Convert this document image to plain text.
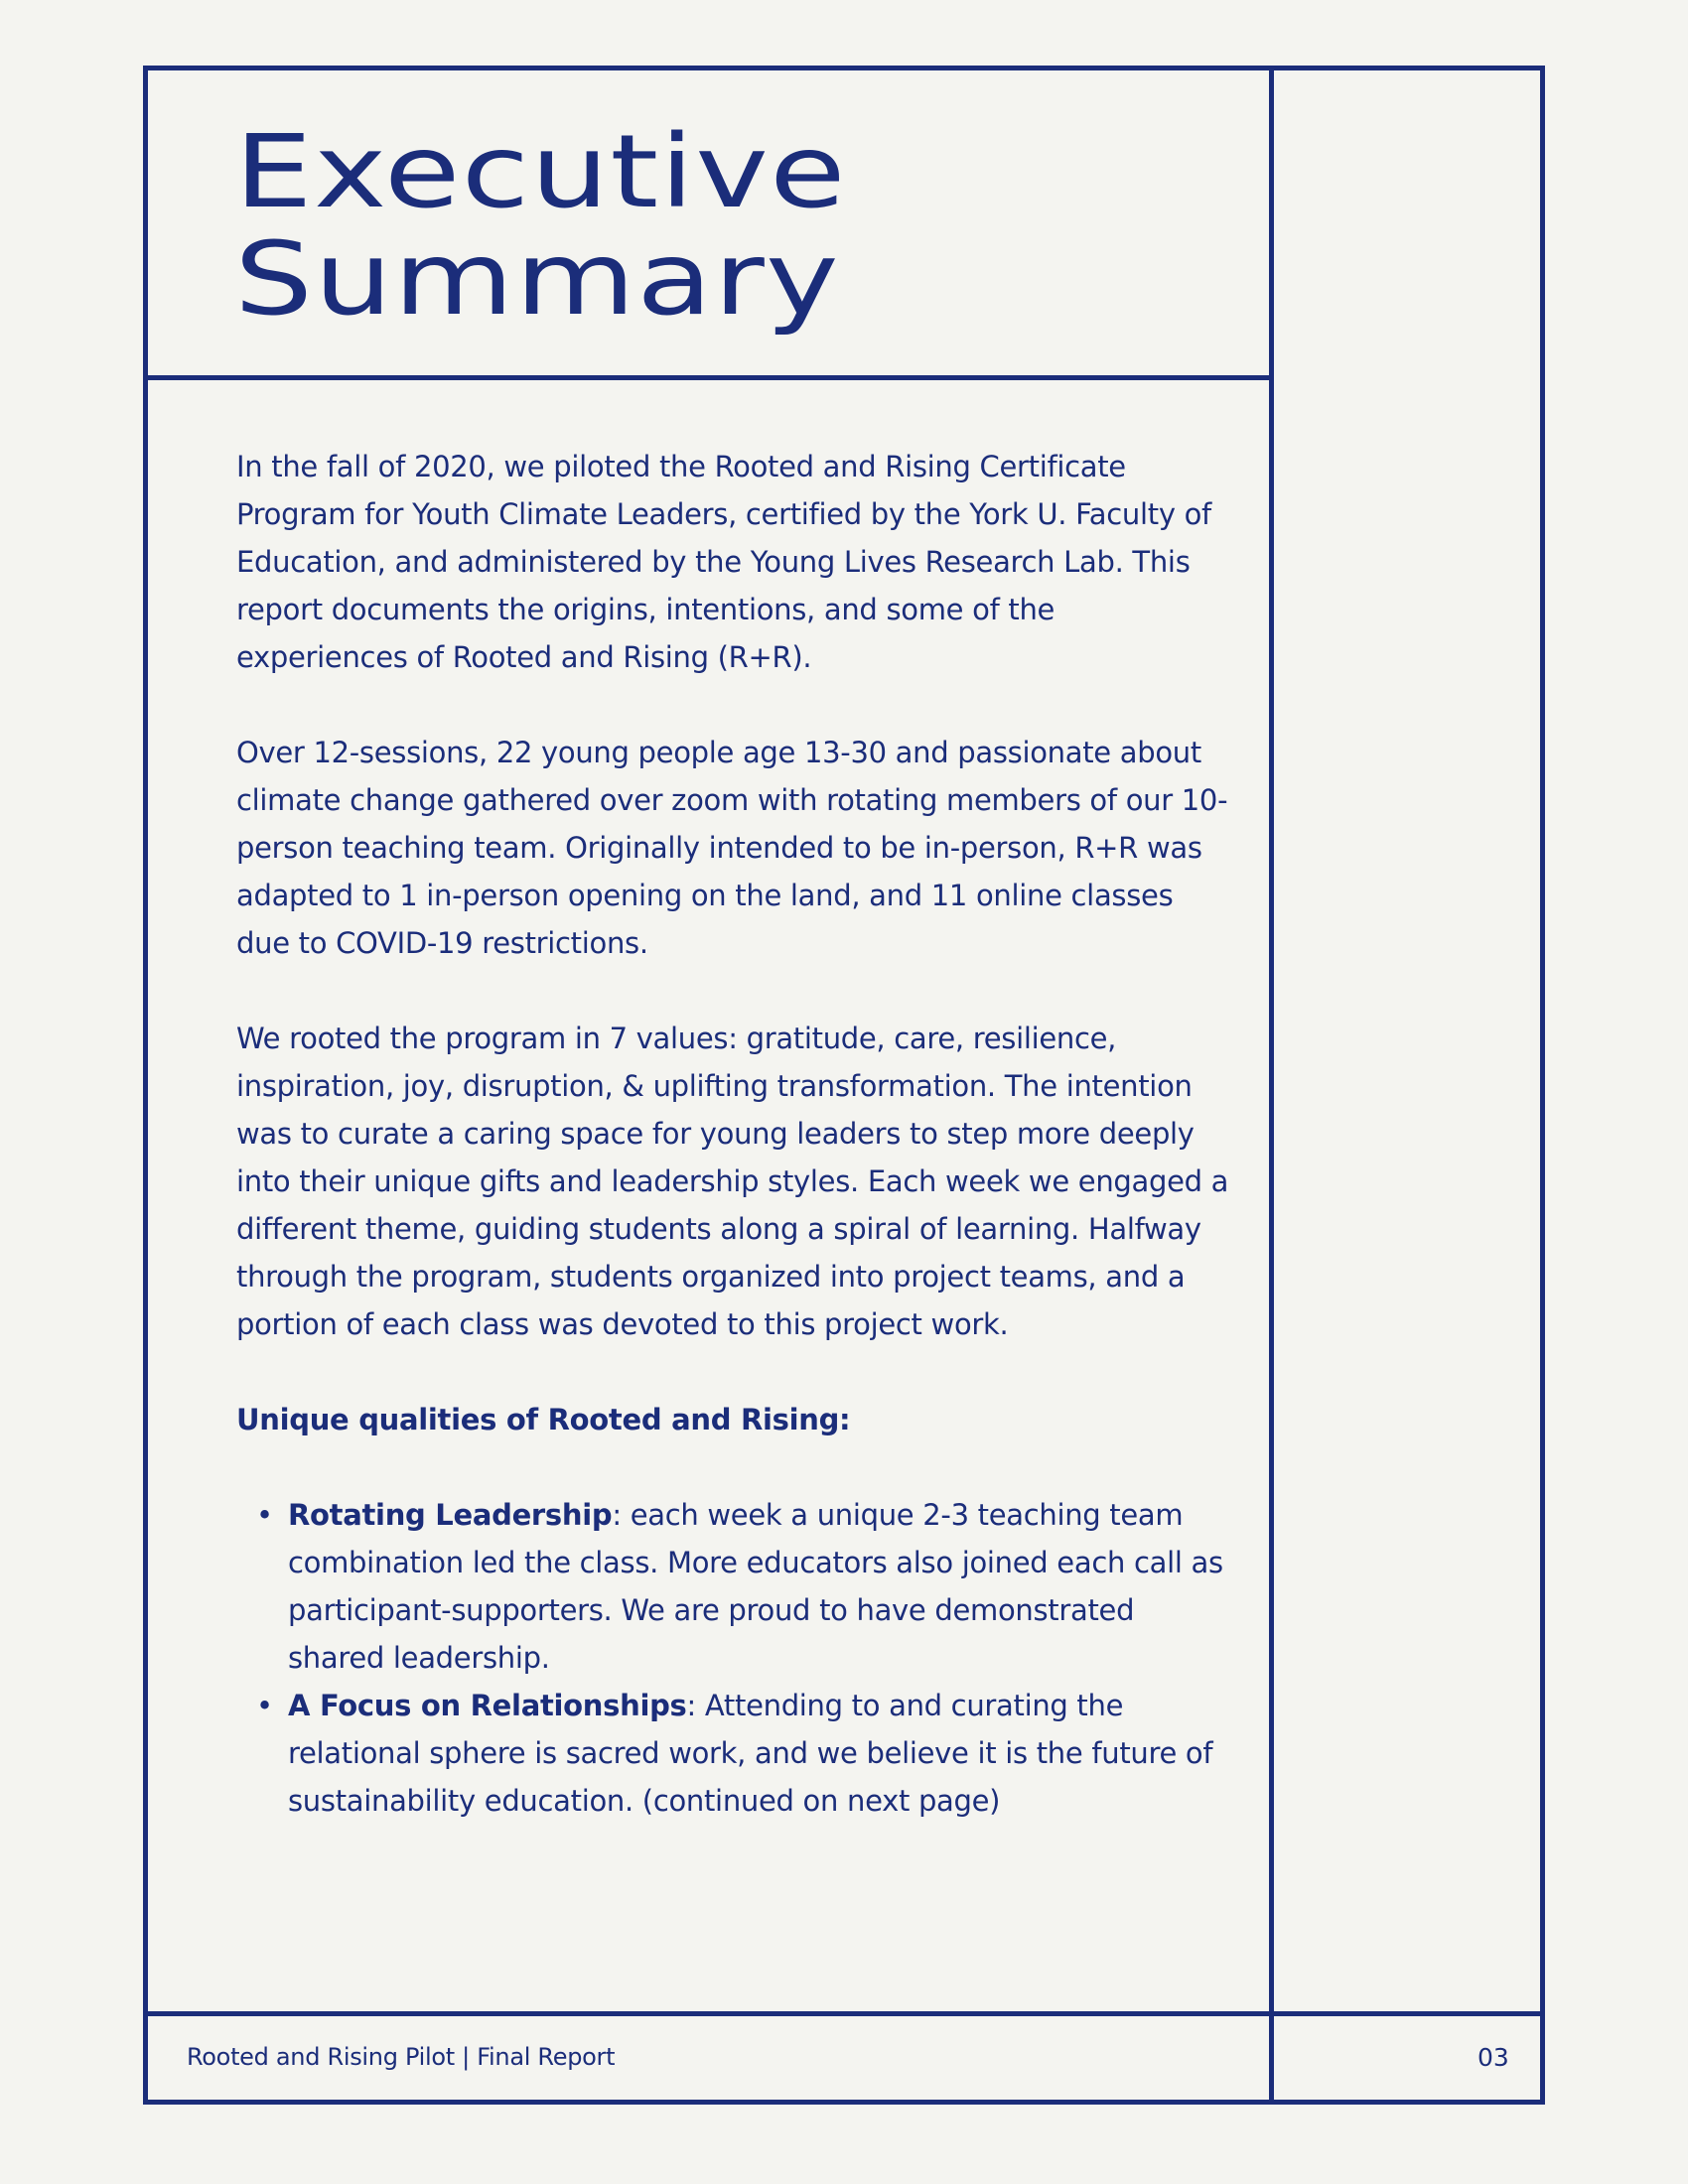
Executive
Summary

In the fall of 2020, we piloted the Rooted and Rising Certificate Program for Youth Climate Leaders, certified by the York U. Faculty of Education, and administered by the Young Lives Research Lab. This report documents the origins, intentions, and some of the experiences of Rooted and Rising (R+R).

Over 12-sessions, 22 young people age 13-30 and passionate about climate change gathered over zoom with rotating members of our 10-person teaching team. Originally intended to be in-person, R+R was adapted to 1 in-person opening on the land, and 11 online classes due to COVID-19 restrictions.

We rooted the program in 7 values: gratitude, care, resilience, inspiration, joy, disruption, & uplifting transformation. The intention was to curate a caring space for young leaders to step more deeply into their unique gifts and leadership styles. Each week we engaged a different theme, guiding students along a spiral of learning. Halfway through the program, students organized into project teams, and a portion of each class was devoted to this project work.

Unique qualities of Rooted and Rising:
• Rotating Leadership: each week a unique 2-3 teaching team combination led the class. More educators also joined each call as participant-supporters. We are proud to have demonstrated shared leadership.
• A Focus on Relationships: Attending to and curating the relational sphere is sacred work, and we believe it is the future of sustainability education. (continued on next page)
Rooted and Rising Pilot | Final Report	03
